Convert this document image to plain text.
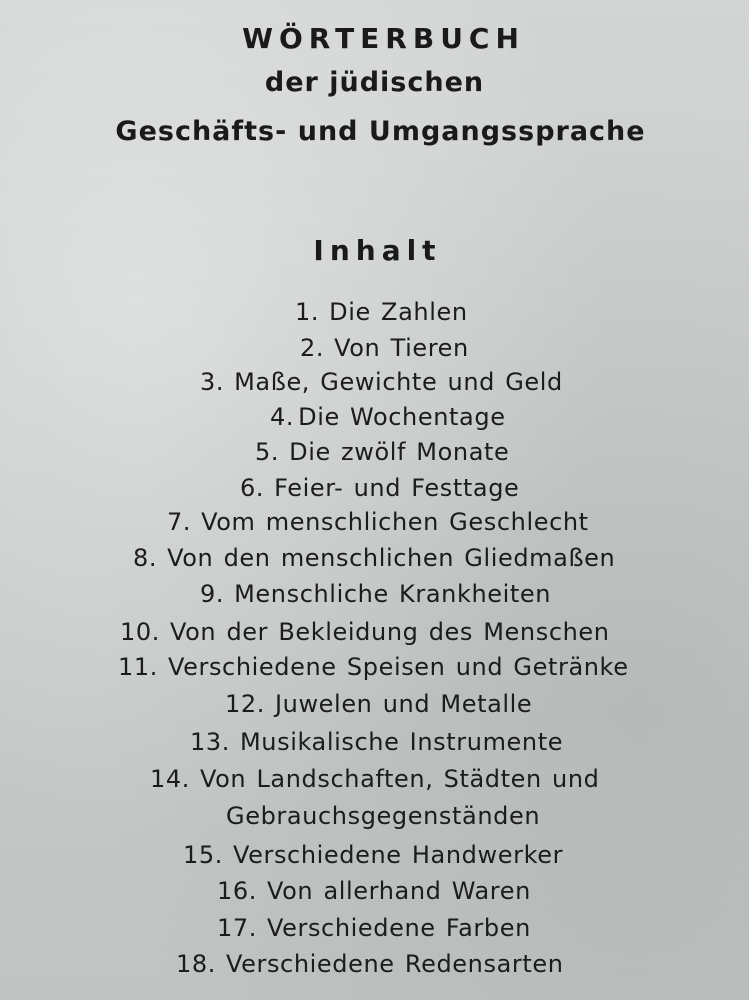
WÖRTERBUCH
der jüdischen
Geschäfts- und Umgangssprache
Inhalt
1. Die Zahlen
2. Von Tieren
3. Maße, Gewichte und Geld
4. Die Wochentage
5. Die zwölf Monate
6. Feier- und Festtage
7. Vom menschlichen Geschlecht
8. Von den menschlichen Gliedmaßen
9. Menschliche Krankheiten
10. Von der Bekleidung des Menschen
11. Verschiedene Speisen und Getränke
12. Juwelen und Metalle
13. Musikalische Instrumente
14. Von Landschaften, Städten und
Gebrauchsgegenständen
15. Verschiedene Handwerker
16. Von allerhand Waren
17. Verschiedene Farben
18. Verschiedene Redensarten
